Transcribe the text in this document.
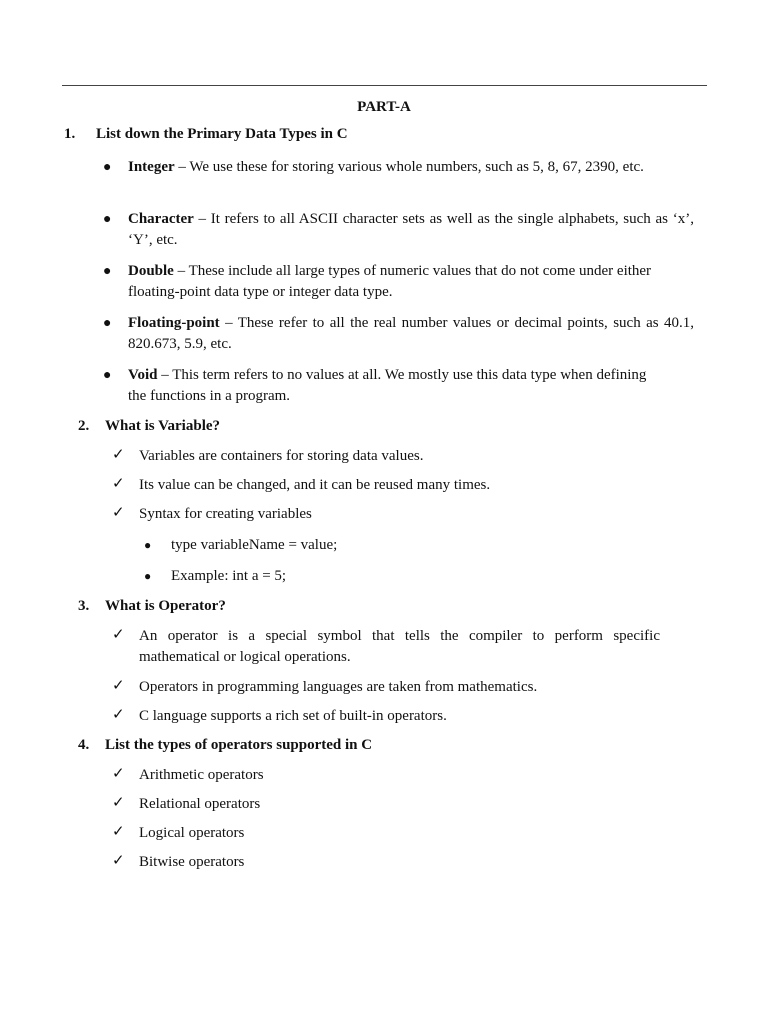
PART-A
1. List down the Primary Data Types in C
● Integer – We use these for storing various whole numbers, such as 5, 8, 67, 2390, etc.
● Character – It refers to all ASCII character sets as well as the single alphabets, such as ‘x’, ‘Y’, etc.
● Double – These include all large types of numeric values that do not come under either floating-point data type or integer data type.
● Floating-point – These refer to all the real number values or decimal points, such as 40.1, 820.673, 5.9, etc.
● Void – This term refers to no values at all. We mostly use this data type when defining the functions in a program.
2. What is Variable?
✓ Variables are containers for storing data values.
✓ Its value can be changed, and it can be reused many times.
✓ Syntax for creating variables
● type variableName = value;
● Example: int a = 5;
3. What is Operator?
✓ An operator is a special symbol that tells the compiler to perform specific mathematical or logical operations.
✓ Operators in programming languages are taken from mathematics.
✓ C language supports a rich set of built-in operators.
4. List the types of operators supported in C
✓ Arithmetic operators
✓ Relational operators
✓ Logical operators
✓ Bitwise operators
